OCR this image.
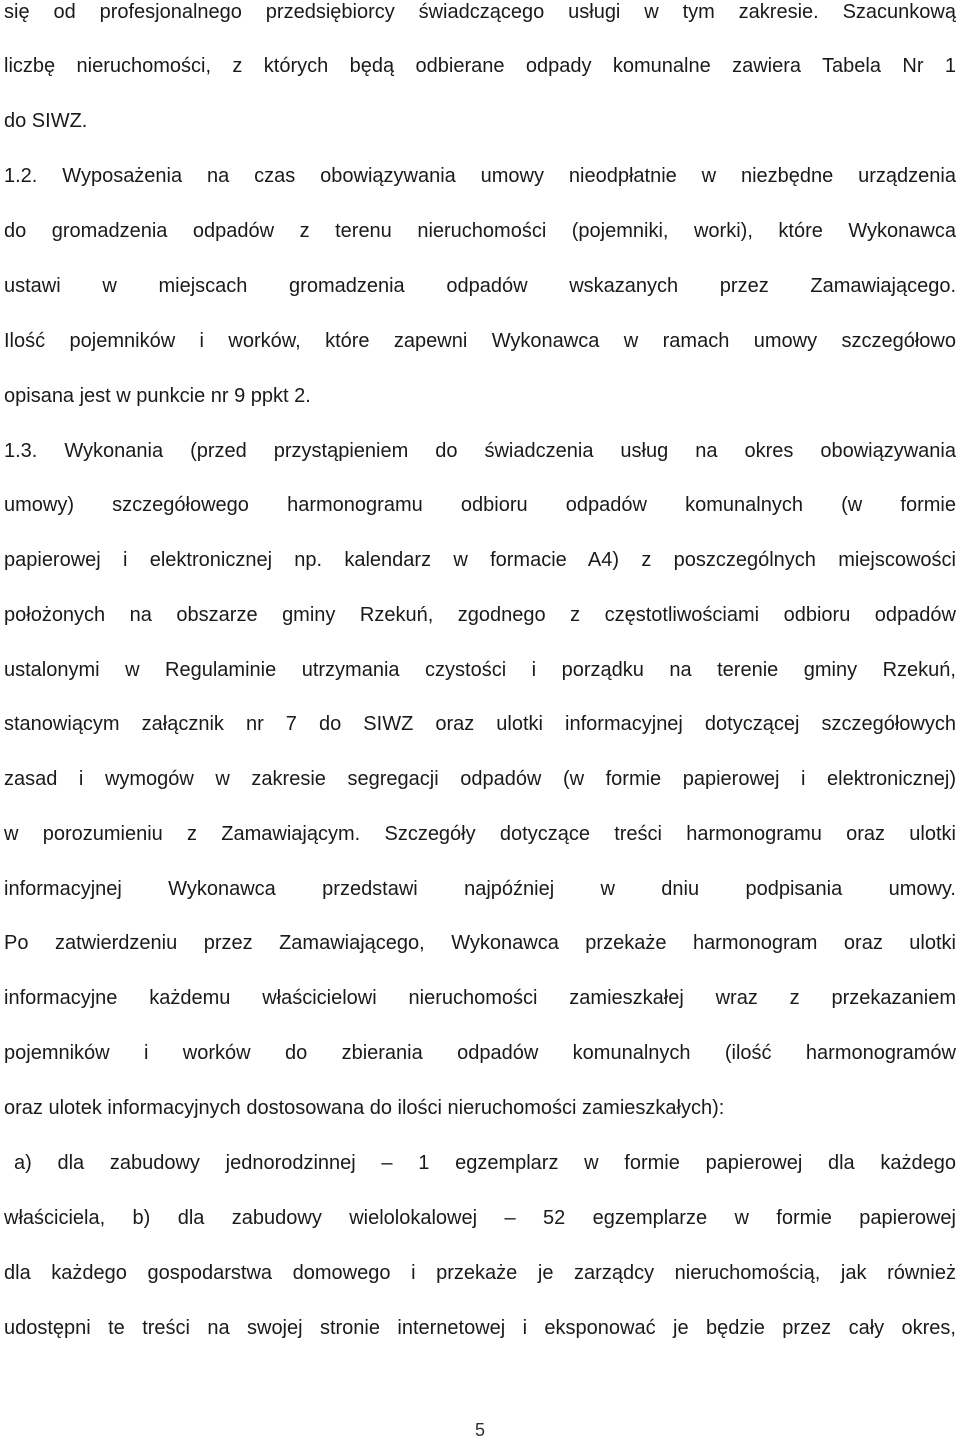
się od profesjonalnego przedsiębiorcy świadczącego usługi w tym zakresie. Szacunkową
liczbę nieruchomości, z których będą odbierane odpady komunalne zawiera Tabela Nr 1
do SIWZ.
1.2. Wyposażenia na czas obowiązywania umowy nieodpłatnie w niezbędne urządzenia
do gromadzenia odpadów z terenu nieruchomości (pojemniki, worki), które Wykonawca
ustawi w miejscach gromadzenia odpadów wskazanych przez Zamawiającego.
Ilość pojemników i worków, które zapewni Wykonawca w ramach umowy szczegółowo
opisana jest w punkcie nr 9 ppkt 2.
1.3. Wykonania (przed przystąpieniem do świadczenia usług na okres obowiązywania
umowy) szczegółowego harmonogramu odbioru odpadów komunalnych (w formie
papierowej i elektronicznej np. kalendarz w formacie A4) z poszczególnych miejscowości
położonych na obszarze gminy Rzekuń, zgodnego z częstotliwościami odbioru odpadów
ustalonymi w Regulaminie utrzymania czystości i porządku na terenie gminy Rzekuń,
stanowiącym załącznik nr 7 do SIWZ oraz ulotki informacyjnej dotyczącej szczegółowych
zasad i wymogów w zakresie segregacji odpadów (w formie papierowej i elektronicznej)
w porozumieniu z Zamawiającym. Szczegóły dotyczące treści harmonogramu oraz ulotki
informacyjnej Wykonawca przedstawi najpóźniej w dniu podpisania umowy.
Po zatwierdzeniu przez Zamawiającego, Wykonawca przekaże harmonogram oraz ulotki
informacyjne każdemu właścicielowi nieruchomości zamieszkałej wraz z przekazaniem
pojemników i worków do zbierania odpadów komunalnych (ilość harmonogramów
oraz ulotek informacyjnych dostosowana do ilości nieruchomości zamieszkałych):
a) dla zabudowy jednorodzinnej – 1 egzemplarz w formie papierowej dla każdego
właściciela, b) dla zabudowy wielolokalowej – 52 egzemplarze w formie papierowej
dla każdego gospodarstwa domowego i przekaże je zarządcy nieruchomością, jak również
udostępni te treści na swojej stronie internetowej i eksponować je będzie przez cały okres,
5
